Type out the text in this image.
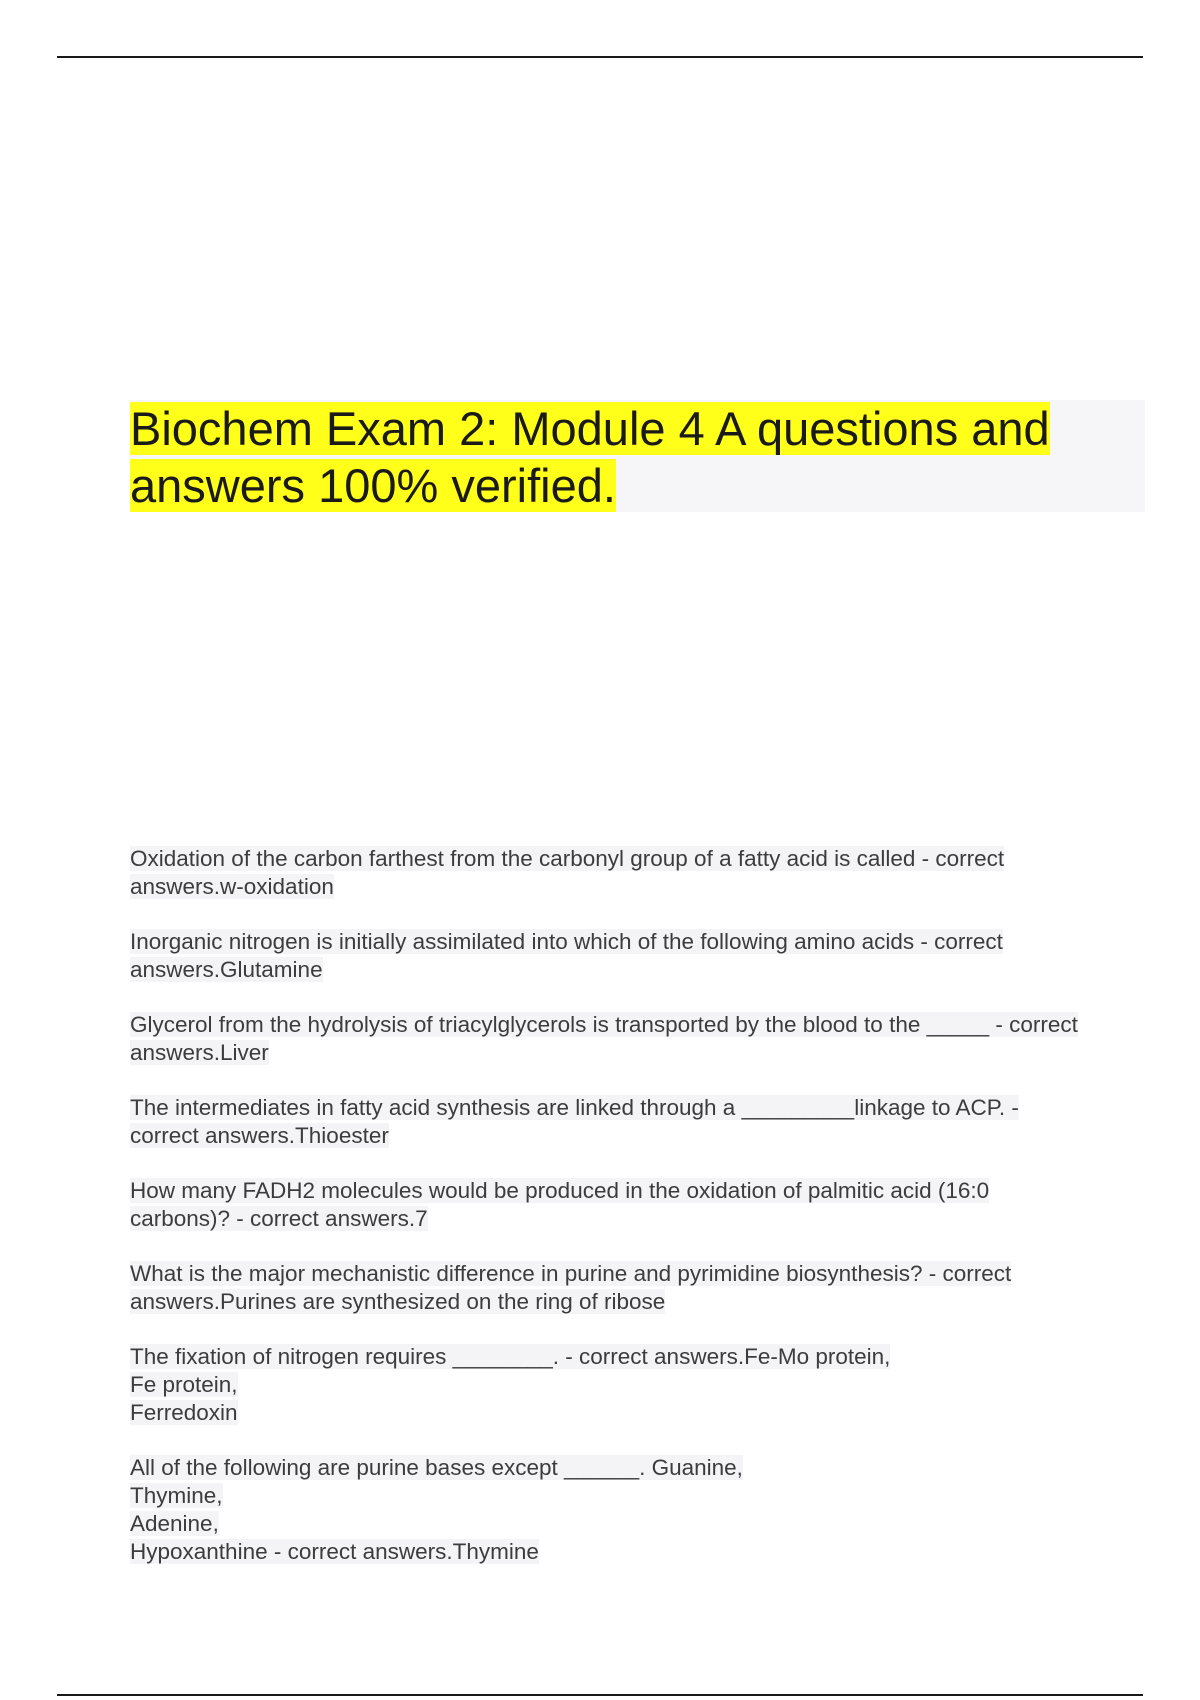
Biochem Exam 2: Module 4 A questions and answers 100% verified.

Oxidation of the carbon farthest from the carbonyl group of a fatty acid is called - correct
answers.w-oxidation

Inorganic nitrogen is initially assimilated into which of the following amino acids - correct
answers.Glutamine

Glycerol from the hydrolysis of triacylglycerols is transported by the blood to the _____ - correct
answers.Liver

The intermediates in fatty acid synthesis are linked through a _________linkage to ACP. -
correct answers.Thioester

How many FADH2 molecules would be produced in the oxidation of palmitic acid (16:0
carbons)? - correct answers.7

What is the major mechanistic difference in purine and pyrimidine biosynthesis? - correct
answers.Purines are synthesized on the ring of ribose

The fixation of nitrogen requires ________. - correct answers.Fe-Mo protein,
Fe protein,
Ferredoxin

All of the following are purine bases except ______. Guanine,
Thymine,
Adenine,
Hypoxanthine - correct answers.Thymine
